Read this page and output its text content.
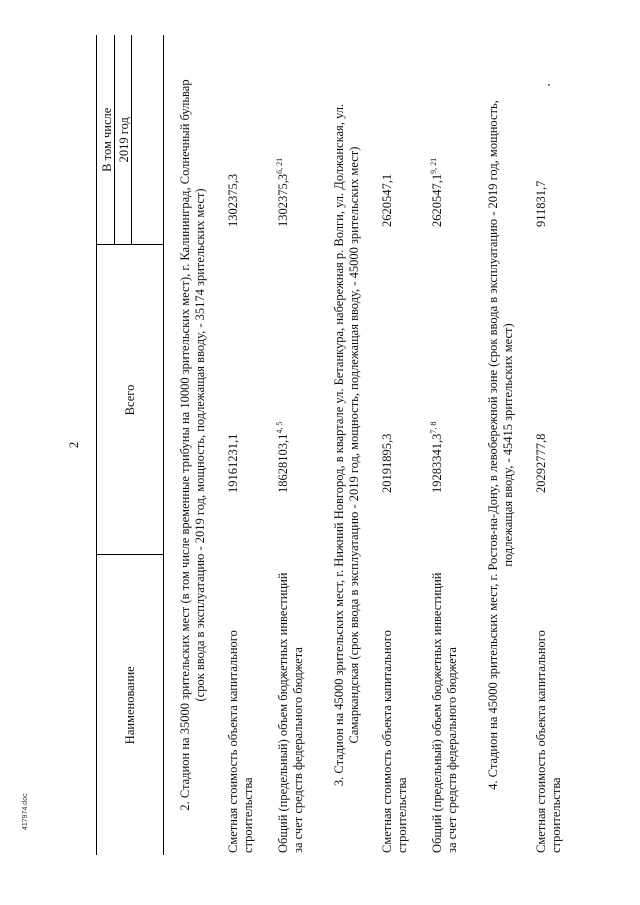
417974.doc
2
Наименование	Всего	В том числе 2019 год

2. Стадион на 35000 зрительских мест (в том числе временные трибуны на 10000 зрительских мест), г. Калининград, Солнечный бульвар (срок ввода в эксплуатацию - 2019 год, мощность, подлежащая вводу, - 35174 зрительских мест)		
Сметная стоимость объекта капитального строительства	19161231,1	1302375,3
Общий (предельный) объем бюджетных инвестиций за счет средств федерального бюджета	18628103,1$^{4, 5}$	1302375,3$^{6, 21}$
3. Стадион на 45000 зрительских мест, г. Нижний Новгород, в квартале ул. Бетанкура, набережная р. Волги, ул. Должанская, ул. Самаркандская (срок ввода в эксплуатацию - 2019 год, мощность, подлежащая вводу, - 45000 зрительских мест)		
Сметная стоимость объекта капитального строительства	20191895,3	2620547,1
Общий (предельный) объем бюджетных инвестиций за счет средств федерального бюджета	19283341,3$^{7, 8}$	2620547,1$^{9, 21}$
4. Стадион на 45000 зрительских мест, г. Ростов-на-Дону, в левобережной зоне (срок ввода в эксплуатацию - 2019 год, мощность, подлежащая вводу, - 45415 зрительских мест)		
Сметная стоимость объекта капитального строительства	20292777,8	911831,7
